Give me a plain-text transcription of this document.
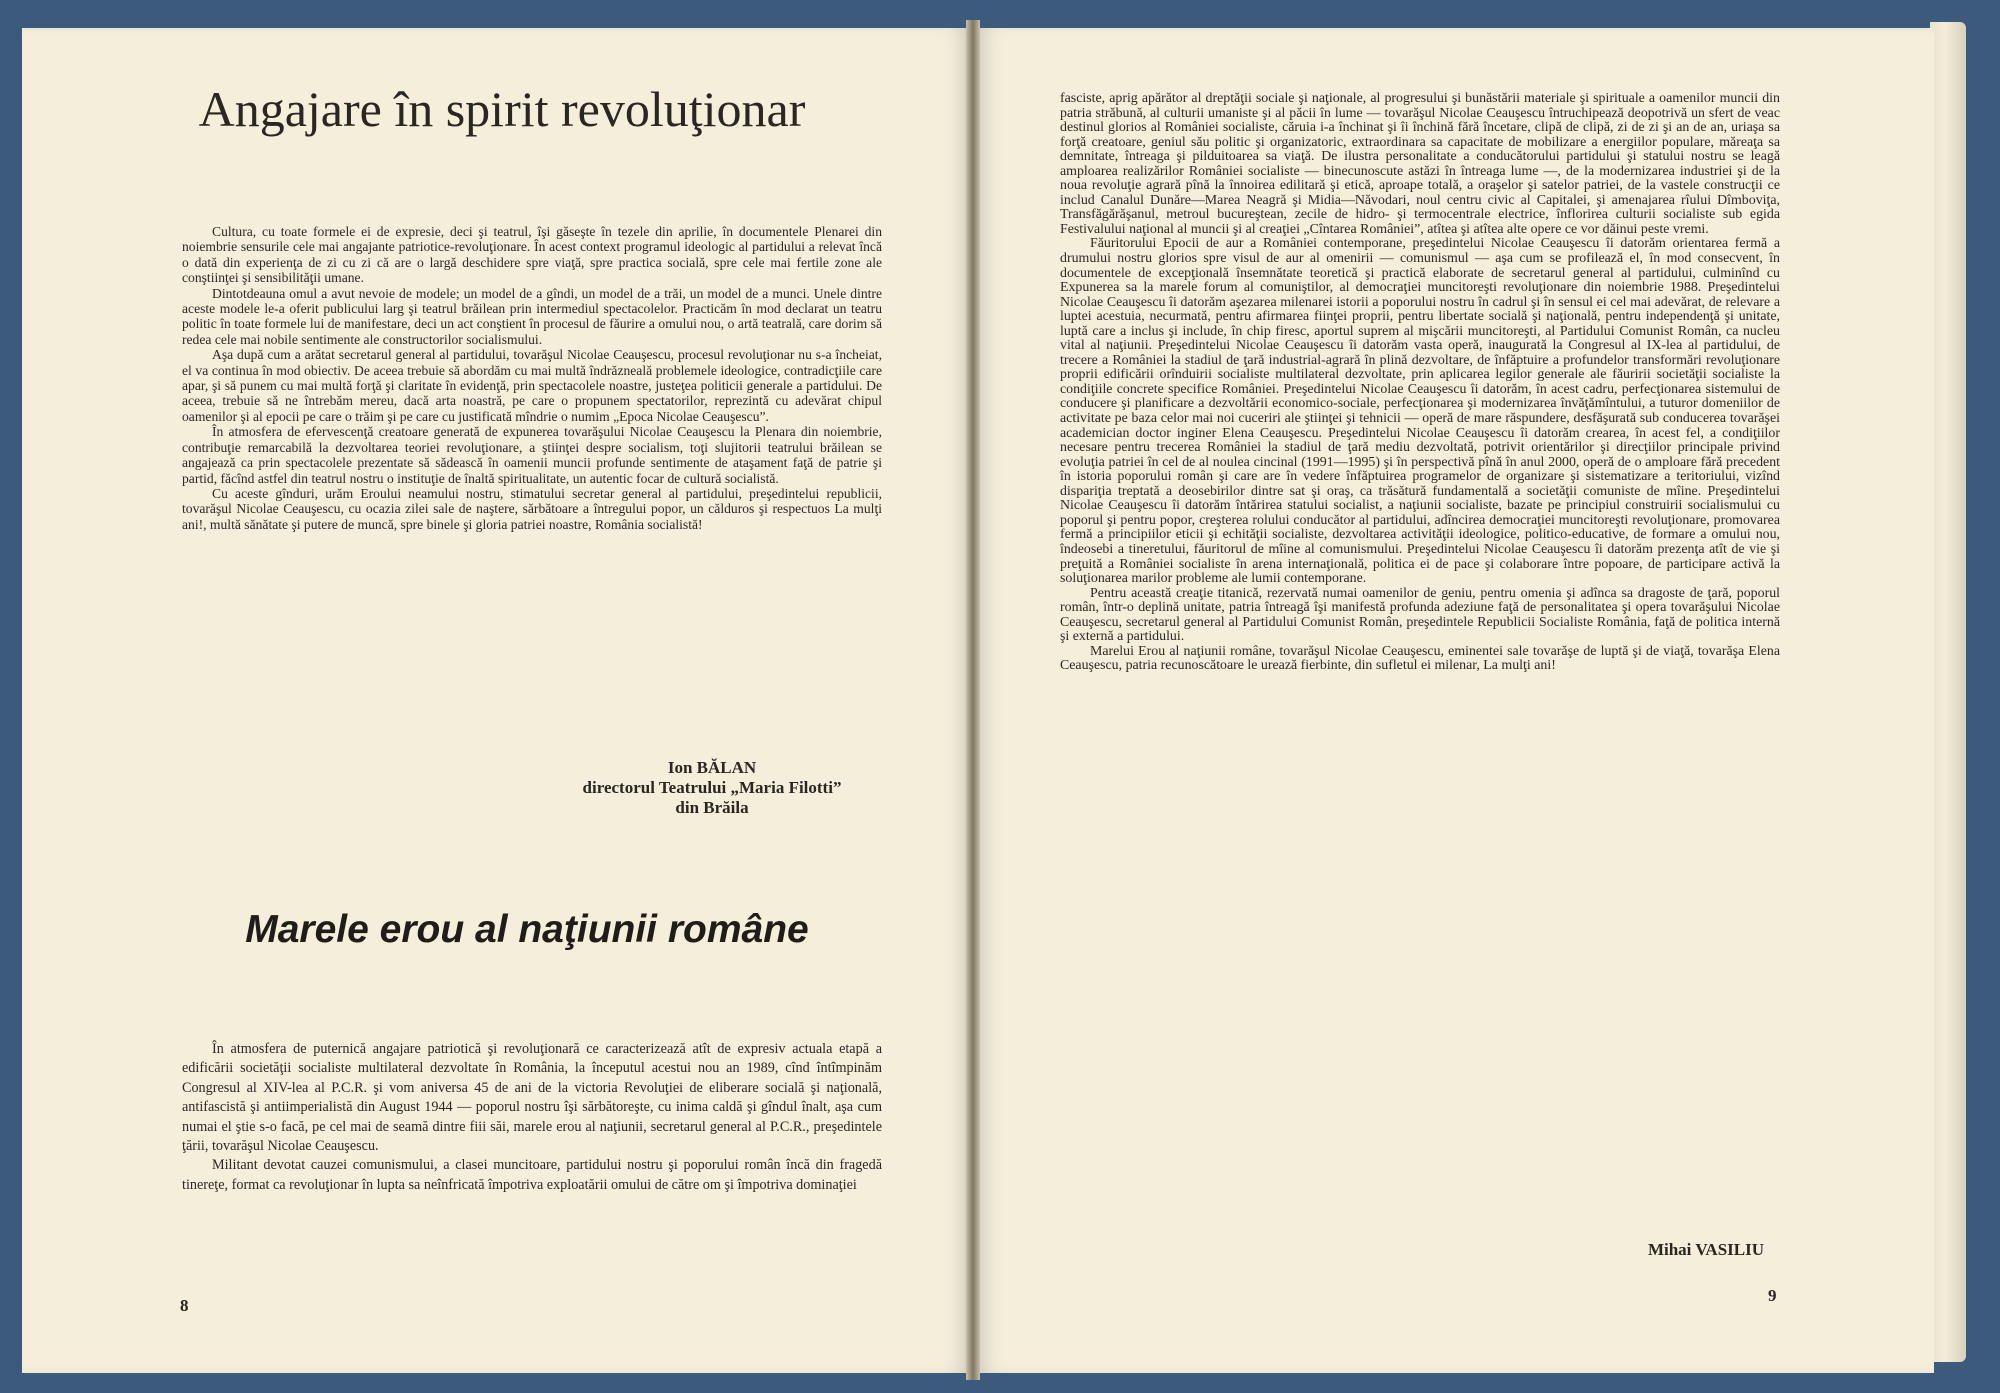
Angajare în spirit revoluţionar

Cultura, cu toate formele ei de expresie, deci şi teatrul, îşi găseşte în tezele din aprilie, în documentele Plenarei din noiembrie sensurile cele mai angajante patriotice-revoluţionare. În acest context programul ideologic al partidului a relevat încă o dată din experienţa de zi cu zi că are o largă deschidere spre viaţă, spre practica socială, spre cele mai fertile zone ale conştiinţei şi sensibilităţii umane.

Dintotdeauna omul a avut nevoie de modele; un model de a gîndi, un model de a trăi, un model de a munci. Unele dintre aceste modele le-a oferit publicului larg şi teatrul brăilean prin intermediul spectacolelor. Practicăm în mod declarat un teatru politic în toate formele lui de manifestare, deci un act conştient în procesul de făurire a omului nou, o artă teatrală, care dorim să redea cele mai nobile sentimente ale constructorilor socialismului.

Aşa după cum a arătat secretarul general al partidului, tovarăşul Nicolae Ceauşescu, procesul revoluţionar nu s-a încheiat, el va continua în mod obiectiv. De aceea trebuie să abordăm cu mai multă îndrăzneală problemele ideologice, contradicţiile care apar, şi să punem cu mai multă forţă şi claritate în evidenţă, prin spectacolele noastre, justeţea politicii generale a partidului. De aceea, trebuie să ne întrebăm mereu, dacă arta noastră, pe care o propunem spectatorilor, reprezintă cu adevărat chipul oamenilor şi al epocii pe care o trăim şi pe care cu justificată mîndrie o numim „Epoca Nicolae Ceauşescu”.

În atmosfera de efervescenţă creatoare generată de expunerea tovarăşului Nicolae Ceauşescu la Plenara din noiembrie, contribuţie remarcabilă la dezvoltarea teoriei revoluţionare, a ştiinţei despre socialism, toţi slujitorii teatrului brăilean se angajează ca prin spectacolele prezentate să sădească în oamenii muncii profunde sentimente de ataşament faţă de patrie şi partid, făcînd astfel din teatrul nostru o instituţie de înaltă spiritualitate, un autentic focar de cultură socialistă.

Cu aceste gînduri, urăm Eroului neamului nostru, stimatului secretar general al partidului, preşedintelui republicii, tovarăşul Nicolae Ceauşescu, cu ocazia zilei sale de naştere, sărbătoare a întregului popor, un călduros şi respectuos La mulţi ani!, multă sănătate şi putere de muncă, spre binele şi gloria patriei noastre, România socialistă!

Ion BĂLAN
directorul Teatrului „Maria Filotti”
din Brăila
Marele erou al naţiunii române

În atmosfera de puternică angajare patriotică şi revoluţionară ce caracterizează atît de expresiv actuala etapă a edificării societăţii socialiste multilateral dezvoltate în România, la începutul acestui nou an 1989, cînd întîmpinăm Congresul al XIV-lea al P.C.R. şi vom aniversa 45 de ani de la victoria Revoluţiei de eliberare socială şi naţională, antifascistă şi antiimperialistă din August 1944 — poporul nostru îşi sărbătoreşte, cu inima caldă şi gîndul înalt, aşa cum numai el ştie s-o facă, pe cel mai de seamă dintre fiii săi, marele erou al naţiunii, secretarul general al P.C.R., preşedintele ţării, tovarăşul Nicolae Ceauşescu.

Militant devotat cauzei comunismului, a clasei muncitoare, partidului nostru şi poporului român încă din fragedă tinereţe, format ca revoluţionar în lupta sa neînfricată împotriva exploatării omului de către om şi împotriva dominaţiei

8

fasciste, aprig apărător al dreptăţii sociale şi naţionale, al progresului şi bunăstării materiale şi spirituale a oamenilor muncii din patria străbună, al culturii umaniste şi al păcii în lume — tovarăşul Nicolae Ceauşescu întruchipează deopotrivă un sfert de veac destinul glorios al României socialiste, căruia i-a închinat şi îi închină fără încetare, clipă de clipă, zi de zi şi an de an, uriaşa sa forţă creatoare, geniul său politic şi organizatoric, extraordinara sa capacitate de mobilizare a energiilor populare, măreaţa sa demnitate, întreaga şi pilduitoarea sa viaţă. De ilustra personalitate a conducătorului partidului şi statului nostru se leagă amploarea realizărilor României socialiste — binecunoscute astăzi în întreaga lume —, de la modernizarea industriei şi de la noua revoluţie agrară pînă la înnoirea edilitară şi etică, aproape totală, a oraşelor şi satelor patriei, de la vastele construcţii ce includ Canalul Dunăre—Marea Neagră şi Midia—Năvodari, noul centru civic al Capitalei, şi amenajarea rîului Dîmboviţa, Transfăgărăşanul, metroul bucureştean, zecile de hidro- şi termocentrale electrice, înflorirea culturii socialiste sub egida Festivalului naţional al muncii şi al creaţiei „Cîntarea României”, atîtea şi atîtea alte opere ce vor dăinui peste vremi.

Făuritorului Epocii de aur a României contemporane, preşedintelui Nicolae Ceauşescu îi datorăm orientarea fermă a drumului nostru glorios spre visul de aur al omenirii — comunismul — aşa cum se profilează el, în mod consecvent, în documentele de excepţională însemnătate teoretică şi practică elaborate de secretarul general al partidului, culminînd cu Expunerea sa la marele forum al comuniştilor, al democraţiei muncitoreşti revoluţionare din noiembrie 1988. Preşedintelui Nicolae Ceauşescu îi datorăm aşezarea milenarei istorii a poporului nostru în cadrul şi în sensul ei cel mai adevărat, de relevare a luptei acestuia, necurmată, pentru afirmarea fiinţei proprii, pentru libertate socială şi naţională, pentru independenţă şi unitate, luptă care a inclus şi include, în chip firesc, aportul suprem al mişcării muncitoreşti, al Partidului Comunist Român, ca nucleu vital al naţiunii. Preşedintelui Nicolae Ceauşescu îi datorăm vasta operă, inaugurată la Congresul al IX-lea al partidului, de trecere a României la stadiul de ţară industrial-agrară în plină dezvoltare, de înfăptuire a profundelor transformări revoluţionare proprii edificării orînduirii socialiste multilateral dezvoltate, prin aplicarea legilor generale ale făuririi societăţii socialiste la condiţiile concrete specifice României. Preşedintelui Nicolae Ceauşescu îi datorăm, în acest cadru, perfecţionarea sistemului de conducere şi planificare a dezvoltării economico-sociale, perfecţionarea şi modernizarea învăţămîntului, a tuturor domeniilor de activitate pe baza celor mai noi cuceriri ale ştiinţei şi tehnicii — operă de mare răspundere, desfăşurată sub conducerea tovarăşei academician doctor inginer Elena Ceauşescu. Preşedintelui Nicolae Ceauşescu îi datorăm crearea, în acest fel, a condiţiilor necesare pentru trecerea României la stadiul de ţară mediu dezvoltată, potrivit orientărilor şi direcţiilor principale privind evoluţia patriei în cel de al noulea cincinal (1991—1995) şi în perspectivă pînă în anul 2000, operă de o amploare fără precedent în istoria poporului român şi care are în vedere înfăptuirea programelor de organizare şi sistematizare a teritoriului, vizînd dispariţia treptată a deosebirilor dintre sat şi oraş, ca trăsătură fundamentală a societăţii comuniste de mîine. Preşedintelui Nicolae Ceauşescu îi datorăm întărirea statului socialist, a naţiunii socialiste, bazate pe principiul construirii socialismului cu poporul şi pentru popor, creşterea rolului conducător al partidului, adîncirea democraţiei muncitoreşti revoluţionare, promovarea fermă a principiilor eticii şi echităţii socialiste, dezvoltarea activităţii ideologice, politico-educative, de formare a omului nou, îndeosebi a tineretului, făuritorul de mîine al comunismului. Preşedintelui Nicolae Ceauşescu îi datorăm prezenţa atît de vie şi preţuită a României socialiste în arena internaţională, politica ei de pace şi colaborare între popoare, de participare activă la soluţionarea marilor probleme ale lumii contemporane.

Pentru această creaţie titanică, rezervată numai oamenilor de geniu, pentru omenia şi adînca sa dragoste de ţară, poporul român, într-o deplină unitate, patria întreagă îşi manifestă profunda adeziune faţă de personalitatea şi opera tovarăşului Nicolae Ceauşescu, secretarul general al Partidului Comunist Român, preşedintele Republicii Socialiste România, faţă de politica internă şi externă a partidului.

Marelui Erou al naţiunii române, tovarăşul Nicolae Ceauşescu, eminentei sale tovarăşe de luptă şi de viaţă, tovarăşa Elena Ceauşescu, patria recunoscătoare le urează fierbinte, din sufletul ei milenar, La mulţi ani!

Mihai VASILIU
9
